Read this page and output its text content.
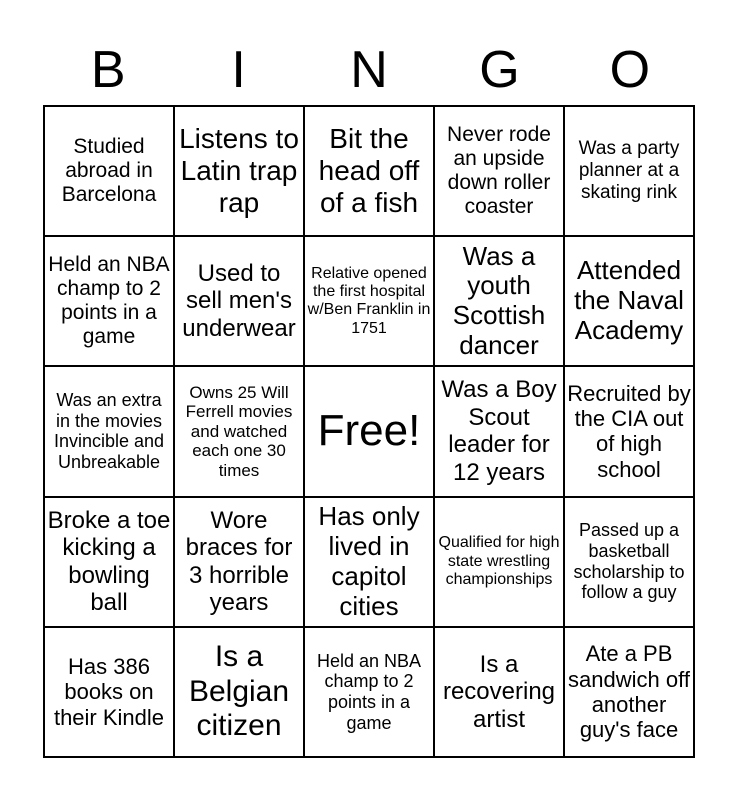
B	I	N	G	O
Studied abroad in Barcelona
Listens to Latin trap rap
Bit the head off of a fish
Never rode an upside down roller coaster
Was a party planner at a skating rink
Held an NBA champ to 2 points in a game
Used to sell men's underwear
Relative opened the first hospital w/Ben Franklin in 1751
Was a youth Scottish dancer
Attended the Naval Academy
Was an extra in the movies Invincible and Unbreakable
Owns 25 Will Ferrell movies and watched each one 30 times
Free!
Was a Boy Scout leader for 12 years
Recruited by the CIA out of high school
Broke a toe kicking a bowling ball
Wore braces for 3 horrible years
Has only lived in capitol cities
Qualified for high state wrestling championships
Passed up a basketball scholarship to follow a guy
Has 386 books on their Kindle
Is a Belgian citizen
Held an NBA champ to 2 points in a game
Is a recovering artist
Ate a PB sandwich off another guy's face
